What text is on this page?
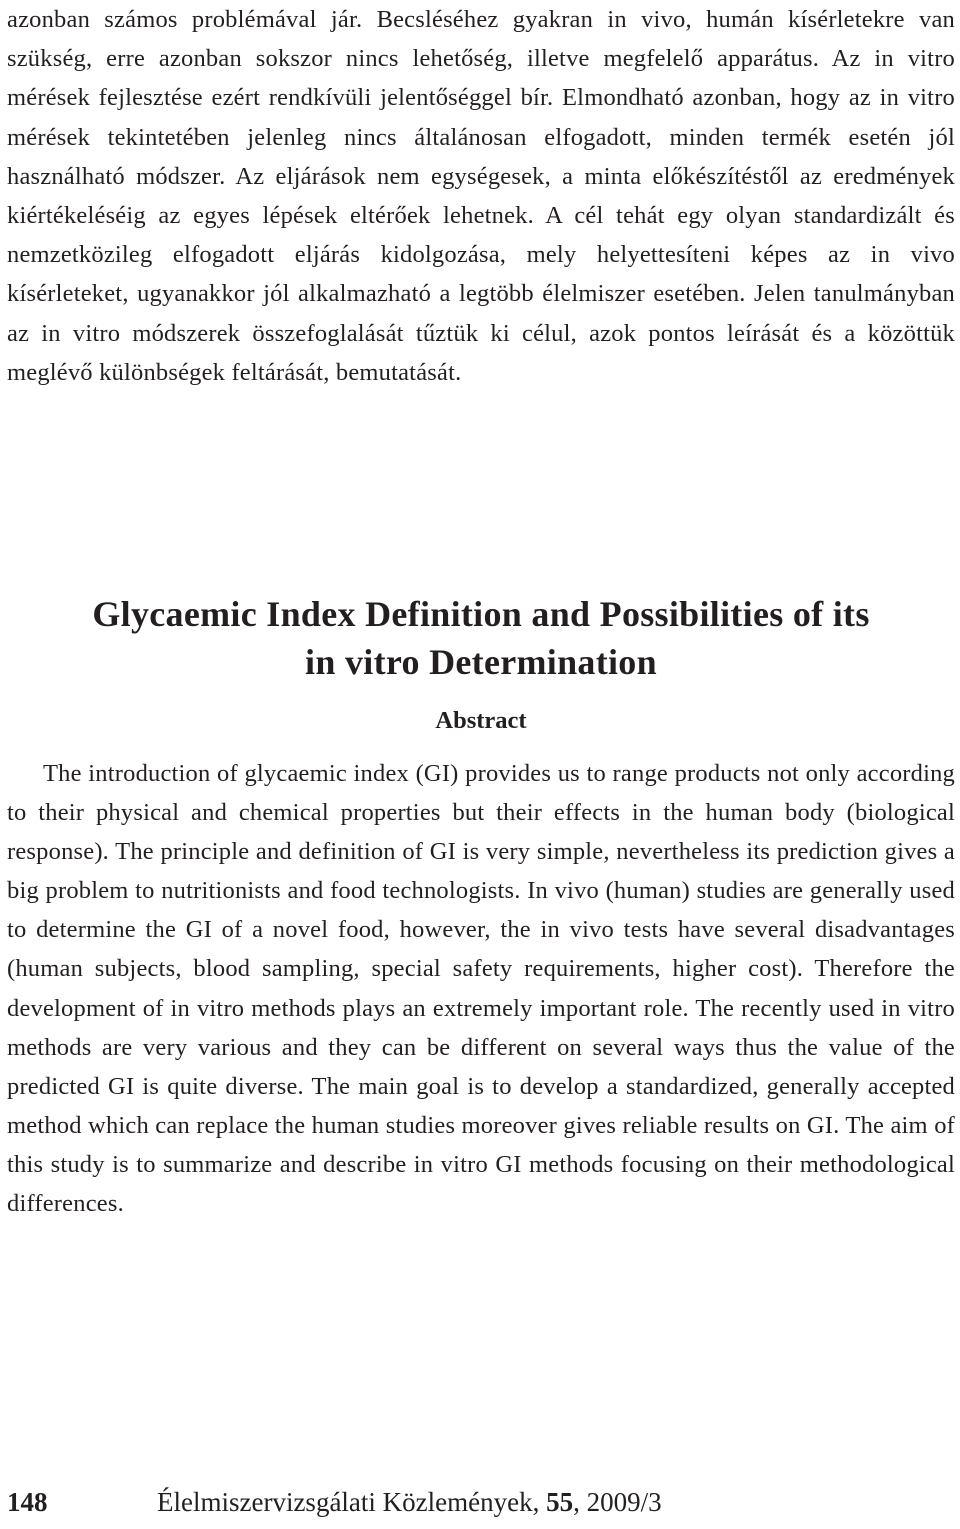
azonban számos problémával jár. Becsléséhez gyakran in vivo, humán kísérletekre van szükség, erre azonban sokszor nincs lehetőség, illetve megfelelő apparátus. Az in vitro mérések fejlesztése ezért rendkívüli jelentőséggel bír. Elmondható azonban, hogy az in vitro mérések tekintetében jelenleg nincs általánosan elfogadott, minden termék esetén jól használható módszer. Az eljárások nem egységesek, a minta előkészítéstől az eredmények kiértékeléséig az egyes lépések eltérőek lehetnek. A cél tehát egy olyan standardizált és nemzetközileg elfogadott eljárás kidolgozása, mely helyettesíteni képes az in vivo kísérleteket, ugyanakkor jól alkalmazható a legtöbb élelmiszer esetében. Jelen tanulmányban az in vitro módszerek összefoglalását tűztük ki célul, azok pontos leírását és a közöttük meglévő különbségek feltárását, bemutatását.

Glycaemic Index Definition and Possibilities of its
in vitro Determination
Abstract

The introduction of glycaemic index (GI) provides us to range products not only according to their physical and chemical properties but their effects in the human body (biological response). The principle and definition of GI is very simple, nevertheless its prediction gives a big problem to nutritionists and food technologists. In vivo (human) studies are generally used to determine the GI of a novel food, however, the in vivo tests have several disadvantages (human subjects, blood sampling, special safety requirements, higher cost). Therefore the development of in vitro methods plays an extremely important role. The recently used in vitro methods are very various and they can be different on several ways thus the value of the predicted GI is quite diverse. The main goal is to develop a standardized, generally accepted method which can replace the human studies moreover gives reliable results on GI. The aim of this study is to summarize and describe in vitro GI methods focusing on their methodological differences.

148	Élelmiszervizsgálati Közlemények, 55, 2009/3
